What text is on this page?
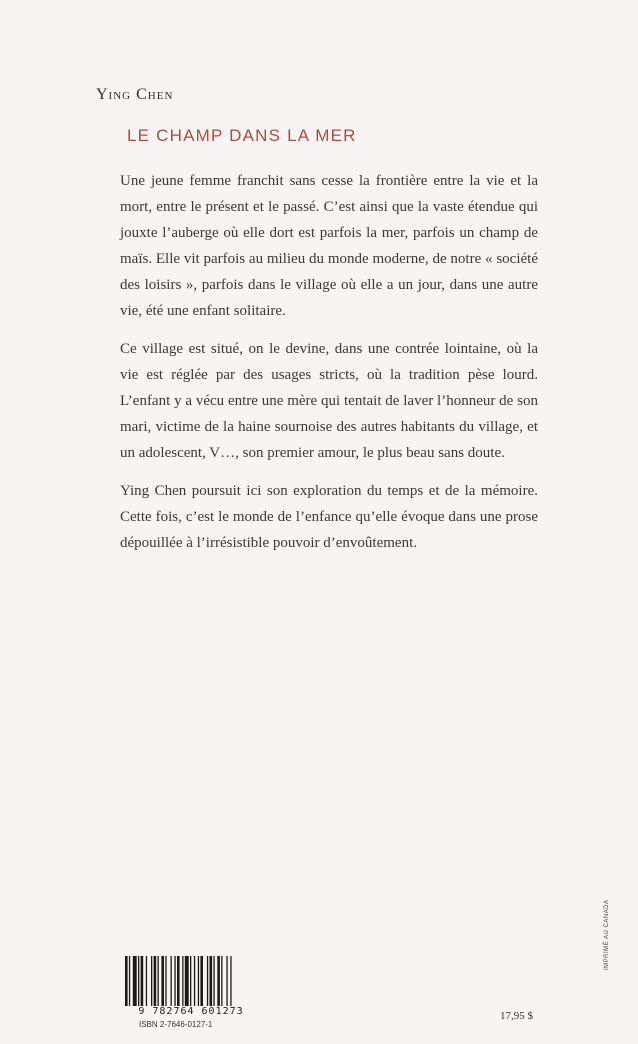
Ying Chen
LE CHAMP DANS LA MER

Une jeune femme franchit sans cesse la frontière entre la vie et la mort, entre le présent et le passé. C’est ainsi que la vaste étendue qui jouxte l’auberge où elle dort est parfois la mer, parfois un champ de maïs. Elle vit parfois au milieu du monde moderne, de notre « société des loisirs », parfois dans le village où elle a un jour, dans une autre vie, été une enfant solitaire.

Ce village est situé, on le devine, dans une contrée lointaine, où la vie est réglée par des usages stricts, où la tradition pèse lourd. L’enfant y a vécu entre une mère qui tentait de laver l’honneur de son mari, victime de la haine sournoise des autres habitants du village, et un adolescent, V…, son premier amour, le plus beau sans doute.

Ying Chen poursuit ici son exploration du temps et de la mémoire. Cette fois, c’est le monde de l’enfance qu’elle évoque dans une prose dépouillée à l’irrésistible pouvoir d’envoûtement.

9 782764 601273
ISBN 2-7646-0127-1
17,95 $
IMPRIMÉ AU CANADA
